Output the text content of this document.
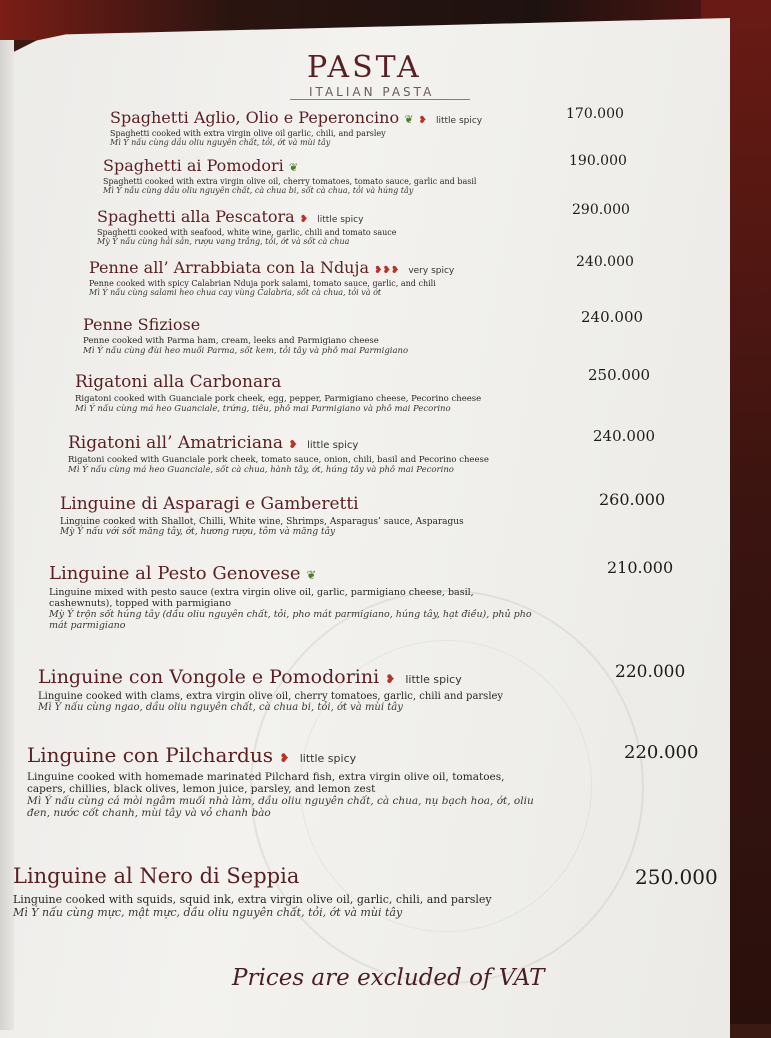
PASTA
ITALIAN PASTA
Spaghetti Aglio, Olio e Peperoncino ❦ ❥ little spicy
Spaghetti cooked with extra virgin olive oil garlic, chili, and parsley
Mì Ý nấu cùng dầu oliu nguyên chất, tỏi, ớt và mùi tây
170.000
Spaghetti ai Pomodori ❦
Spaghetti cooked with extra virgin olive oil, cherry tomatoes, tomato sauce, garlic and basil
Mì Ý nấu cùng dầu oliu nguyên chất, cà chua bi, sốt cà chua, tỏi và húng tây
190.000
Spaghetti alla Pescatora ❥ little spicy
Spaghetti cooked with seafood, white wine, garlic, chili and tomato sauce
Mỳ Ý nấu cùng hải sản, rượu vang trắng, tỏi, ớt và sốt cà chua
290.000
Penne all’ Arrabbiata con la Nduja ❥❥❥ very spicy
Penne cooked with spicy Calabrian Nduja pork salami, tomato sauce, garlic, and chili
Mì Ý nấu cùng salami heo chua cay vùng Calabria, sốt cà chua, tỏi và ớt
240.000
Penne Sfiziose
Penne cooked with Parma ham, cream, leeks and Parmigiano cheese
Mì Ý nấu cùng đùi heo muối Parma, sốt kem, tỏi tây và phô mai Parmigiano
240.000
Rigatoni alla Carbonara
Rigatoni cooked with Guanciale pork cheek, egg, pepper, Parmigiano cheese, Pecorino cheese
Mì Ý nấu cùng má heo Guanciale, trứng, tiêu, phô mai Parmigiano và phô mai Pecorino
250.000
Rigatoni all’ Amatriciana ❥ little spicy
Rigatoni cooked with Guanciale pork cheek, tomato sauce, onion, chili, basil and Pecorino cheese
Mì Ý nấu cùng má heo Guanciale, sốt cà chua, hành tây, ớt, húng tây và phô mai Pecorino
240.000
Linguine di Asparagi e Gamberetti
Linguine cooked with Shallot, Chilli, White wine, Shrimps, Asparagus’ sauce, Asparagus
Mỳ Ý nấu với sốt măng tây, ớt, hương rượu, tôm và măng tây
260.000
Linguine al Pesto Genovese ❦
Linguine mixed with pesto sauce (extra virgin olive oil, garlic, parmigiano cheese, basil,
cashewnuts), topped with parmigiano
Mỳ Ý trộn sốt húng tây (dầu oliu nguyên chất, tỏi, pho mát parmigiano, húng tây, hạt điều), phủ pho
mát parmigiano
210.000
Linguine con Vongole e Pomodorini ❥ little spicy
Linguine cooked with clams, extra virgin olive oil, cherry tomatoes, garlic, chili and parsley
Mì Ý nấu cùng ngao, dầu oliu nguyên chất, cà chua bi, tỏi, ớt và mùi tây
220.000
Linguine con Pilchardus ❥ little spicy
Linguine cooked with homemade marinated Pilchard fish, extra virgin olive oil, tomatoes,
capers, chillies, black olives, lemon juice, parsley, and lemon zest
Mì Ý nấu cùng cá mòi ngâm muối nhà làm, dầu oliu nguyên chất, cà chua, nụ bạch hoa, ớt, oliu
đen, nước cốt chanh, mùi tây và vỏ chanh bào
220.000
Linguine al Nero di Seppia
Linguine cooked with squids, squid ink, extra virgin olive oil, garlic, chili, and parsley
Mì Ý nấu cùng mực, mật mực, dầu oliu nguyên chất, tỏi, ớt và mùi tây
250.000
Prices are excluded of VAT
